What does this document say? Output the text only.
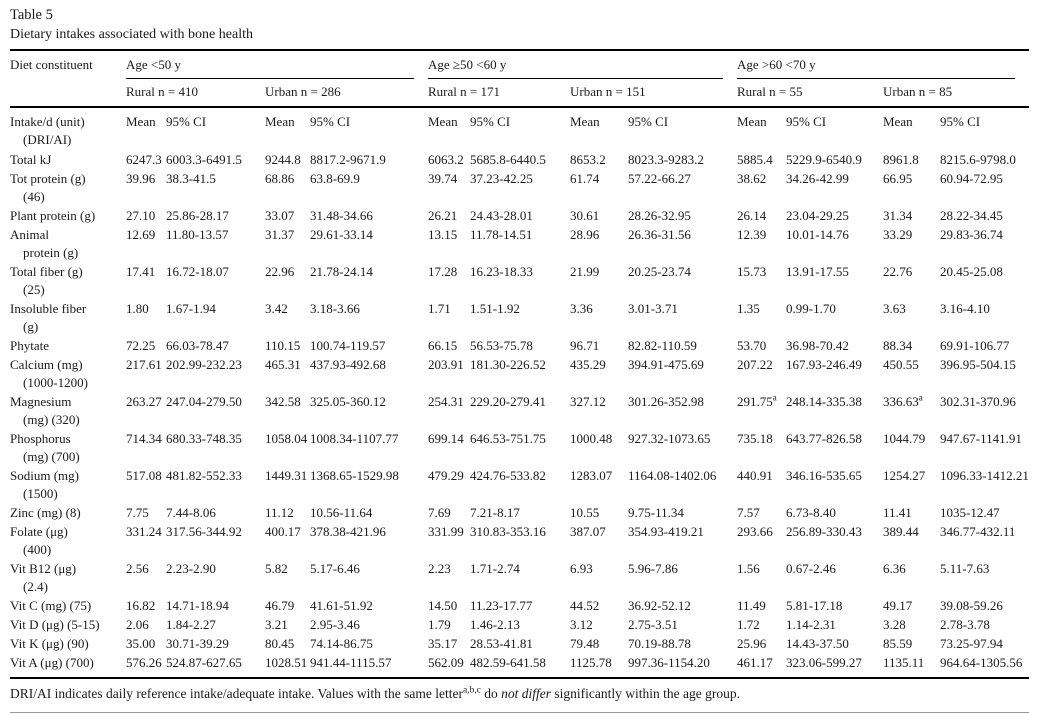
Table 5
Dietary intakes associated with bone health
Diet constituent	Age <50 y				Age ≥50 <60 y				Age >60 <70 y			

	Rural n = 410		Urban n = 286		Rural n = 171		Urban n = 151		Rural n = 55		Urban n = 85	

Intake/d (unit)
(DRI/AI)	Mean	95% CI	Mean	95% CI	Mean	95% CI	Mean	95% CI	Mean	95% CI	Mean	95% CI

Total kJ	6247.3	6003.3-6491.5	9244.8	8817.2-9671.9	6063.2	5685.8-6440.5	8653.2	8023.3-9283.2	5885.4	5229.9-6540.9	8961.8	8215.6-9798.0

Tot protein (g)
(46)	39.96	38.3-41.5	68.86	63.8-69.9	39.74	37.23-42.25	61.74	57.22-66.27	38.62	34.26-42.99	66.95	60.94-72.95

Plant protein (g)	27.10	25.86-28.17	33.07	31.48-34.66	26.21	24.43-28.01	30.61	28.26-32.95	26.14	23.04-29.25	31.34	28.22-34.45

Animal
protein (g)	12.69	11.80-13.57	31.37	29.61-33.14	13.15	11.78-14.51	28.96	26.36-31.56	12.39	10.01-14.76	33.29	29.83-36.74

Total fiber (g)
(25)	17.41	16.72-18.07	22.96	21.78-24.14	17.28	16.23-18.33	21.99	20.25-23.74	15.73	13.91-17.55	22.76	20.45-25.08

Insoluble fiber
(g)	1.80	1.67-1.94	3.42	3.18-3.66	1.71	1.51-1.92	3.36	3.01-3.71	1.35	0.99-1.70	3.63	3.16-4.10

Phytate	72.25	66.03-78.47	110.15	100.74-119.57	66.15	56.53-75.78	96.71	82.82-110.59	53.70	36.98-70.42	88.34	69.91-106.77

Calcium (mg)
(1000-1200)	217.61	202.99-232.23	465.31	437.93-492.68	203.91	181.30-226.52	435.29	394.91-475.69	207.22	167.93-246.49	450.55	396.95-504.15

Magnesium
(mg) (320)	263.27	247.04-279.50	342.58	325.05-360.12	254.31	229.20-279.41	327.12	301.26-352.98	291.75$^a$	248.14-335.38	336.63$^a$	302.31-370.96

Phosphorus
(mg) (700)	714.34	680.33-748.35	1058.04	1008.34-1107.77	699.14	646.53-751.75	1000.48	927.32-1073.65	735.18	643.77-826.58	1044.79	947.67-1141.91

Sodium (mg)
(1500)	517.08	481.82-552.33	1449.31	1368.65-1529.98	479.29	424.76-533.82	1283.07	1164.08-1402.06	440.91	346.16-535.65	1254.27	1096.33-1412.21

Zinc (mg) (8)	7.75	7.44-8.06	11.12	10.56-11.64	7.69	7.21-8.17	10.55	9.75-11.34	7.57	6.73-8.40	11.41	1035-12.47

Folate (μg)
(400)	331.24	317.56-344.92	400.17	378.38-421.96	331.99	310.83-353.16	387.07	354.93-419.21	293.66	256.89-330.43	389.44	346.77-432.11

Vit B12 (μg)
(2.4)	2.56	2.23-2.90	5.82	5.17-6.46	2.23	1.71-2.74	6.93	5.96-7.86	1.56	0.67-2.46	6.36	5.11-7.63

Vit C (mg) (75)	16.82	14.71-18.94	46.79	41.61-51.92	14.50	11.23-17.77	44.52	36.92-52.12	11.49	5.81-17.18	49.17	39.08-59.26

Vit D (μg) (5-15)	2.06	1.84-2.27	3.21	2.95-3.46	1.79	1.46-2.13	3.12	2.75-3.51	1.72	1.14-2.31	3.28	2.78-3.78

Vit K (μg) (90)	35.00	30.71-39.29	80.45	74.14-86.75	35.17	28.53-41.81	79.48	70.19-88.78	25.96	14.43-37.50	85.59	73.25-97.94

Vit A (μg) (700)	576.26	524.87-627.65	1028.51	941.44-1115.57	562.09	482.59-641.58	1125.78	997.36-1154.20	461.17	323.06-599.27	1135.11	964.64-1305.56
DRI/AI indicates daily reference intake/adequate intake. Values with the same letter$^{a,b,c}$ do not differ significantly within the age group.
